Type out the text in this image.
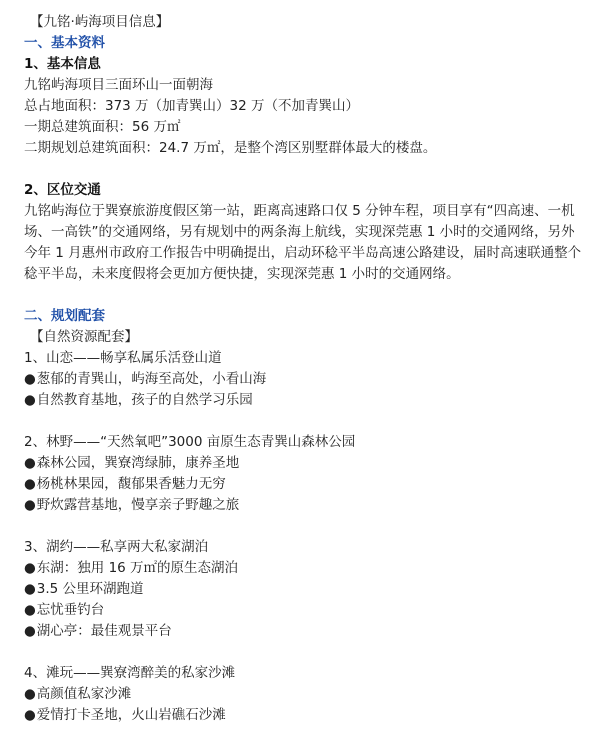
【九铭·屿海项目信息】
一、基本资料
1、基本信息
九铭屿海项目三面环山一面朝海
总占地面积：373 万（加青巽山）32 万（不加青巽山）
一期总建筑面积：56 万㎡
二期规划总建筑面积：24.7 万㎡，是整个湾区别墅群体最大的楼盘。
2、区位交通
九铭屿海位于巽寮旅游度假区第一站，距离高速路口仅 5 分钟车程，项目享有“四高速、一机场、一高铁”的交通网络，另有规划中的两条海上航线，实现深莞惠 1 小时的交通网络，另外今年 1 月惠州市政府工作报告中明确提出，启动环稔平半岛高速公路建设，届时高速联通整个稔平半岛，未来度假将会更加方便快捷，实现深莞惠 1 小时的交通网络。
二、规划配套
【自然资源配套】
1、山恋——畅享私属乐活登山道
●葱郁的青巽山，屿海至高处，小看山海
●自然教育基地，孩子的自然学习乐园
2、林野——“天然氧吧”3000 亩原生态青巽山森林公园
●森林公园，巽寮湾绿肺，康养圣地
●杨桃林果园，馥郁果香魅力无穷
●野炊露营基地，慢享亲子野趣之旅
3、湖约——私享两大私家湖泊
●东湖：独用 16 万㎡的原生态湖泊
●3.5 公里环湖跑道
●忘忧垂钓台
●湖心亭：最佳观景平台
4、滩玩——巽寮湾醉美的私家沙滩
●高颜值私家沙滩
●爱情打卡圣地，火山岩礁石沙滩
